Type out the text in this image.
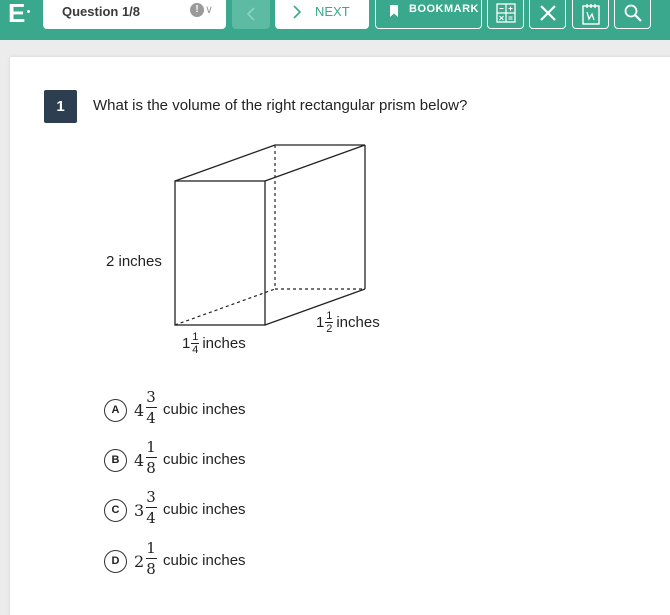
E	Question 1/8	! ∨	NEXT	BOOKMARK
1	What is the volume of the right rectangular prism below?
2 inches
1 1
4 inches
1 1
2 inches
A 4
3
4 cubic inches
B 4
1
8 cubic inches
C 3
3
4 cubic inches
D 2
1
8 cubic inches
